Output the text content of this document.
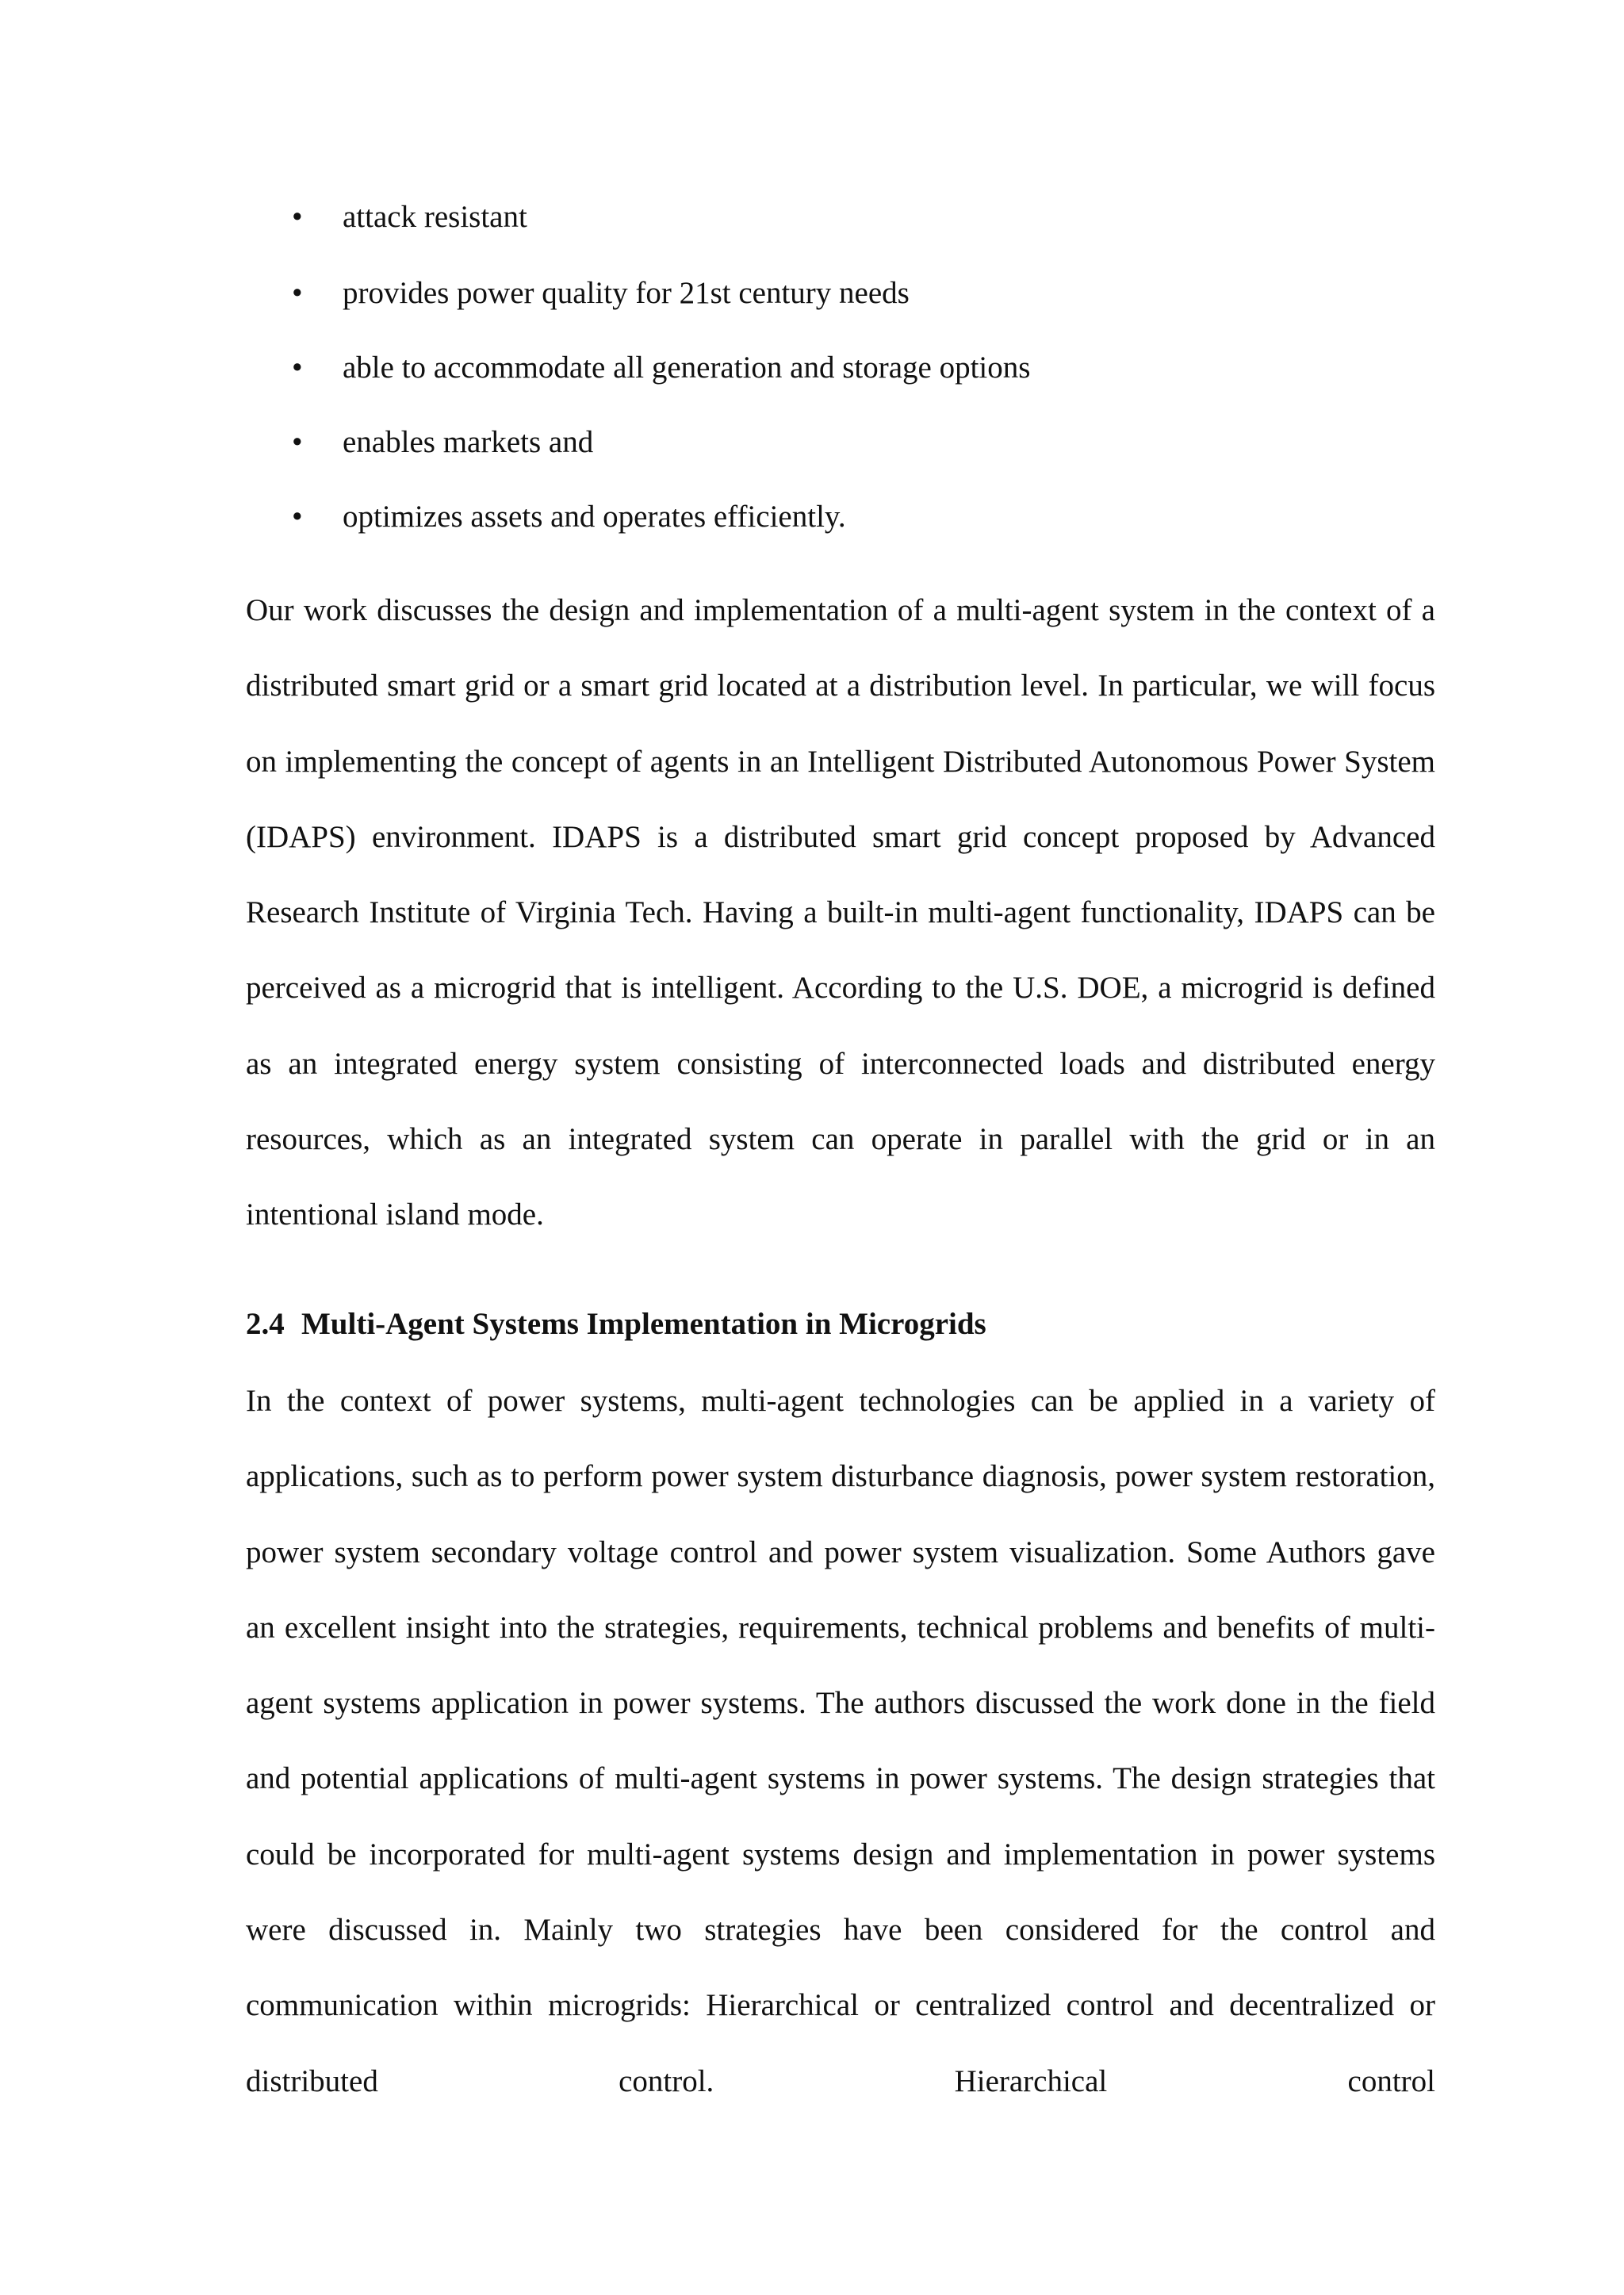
• attack resistant
• provides power quality for 21st century needs
• able to accommodate all generation and storage options
• enables markets and
• optimizes assets and operates efficiently.

Our work discusses the design and implementation of a multi-agent system in the context of a distributed smart grid or a smart grid located at a distribution level. In particular, we will focus on implementing the concept of agents in an Intelligent Distributed Autonomous Power System (IDAPS) environment. IDAPS is a distributed smart grid concept proposed by Advanced Research Institute of Virginia Tech. Having a built-in multi-agent functionality, IDAPS can be perceived as a microgrid that is intelligent. According to the U.S. DOE, a microgrid is defined as an integrated energy system consisting of interconnected loads and distributed energy resources, which as an integrated system can operate in parallel with the grid or in an intentional island mode.

2.4 Multi-Agent Systems Implementation in Microgrids

In the context of power systems, multi-agent technologies can be applied in a variety of applications, such as to perform power system disturbance diagnosis, power system restoration, power system secondary voltage control and power system visualization. Some Authors gave an excellent insight into the strategies, requirements, technical problems and benefits of multi-agent systems application in power systems. The authors discussed the work done in the field and potential applications of multi-agent systems in power systems. The design strategies that could be incorporated for multi-agent systems design and implementation in power systems were discussed in. Mainly two strategies have been considered for the control and communication within microgrids: Hierarchical or centralized control and decentralized or distributed control. Hierarchical control
